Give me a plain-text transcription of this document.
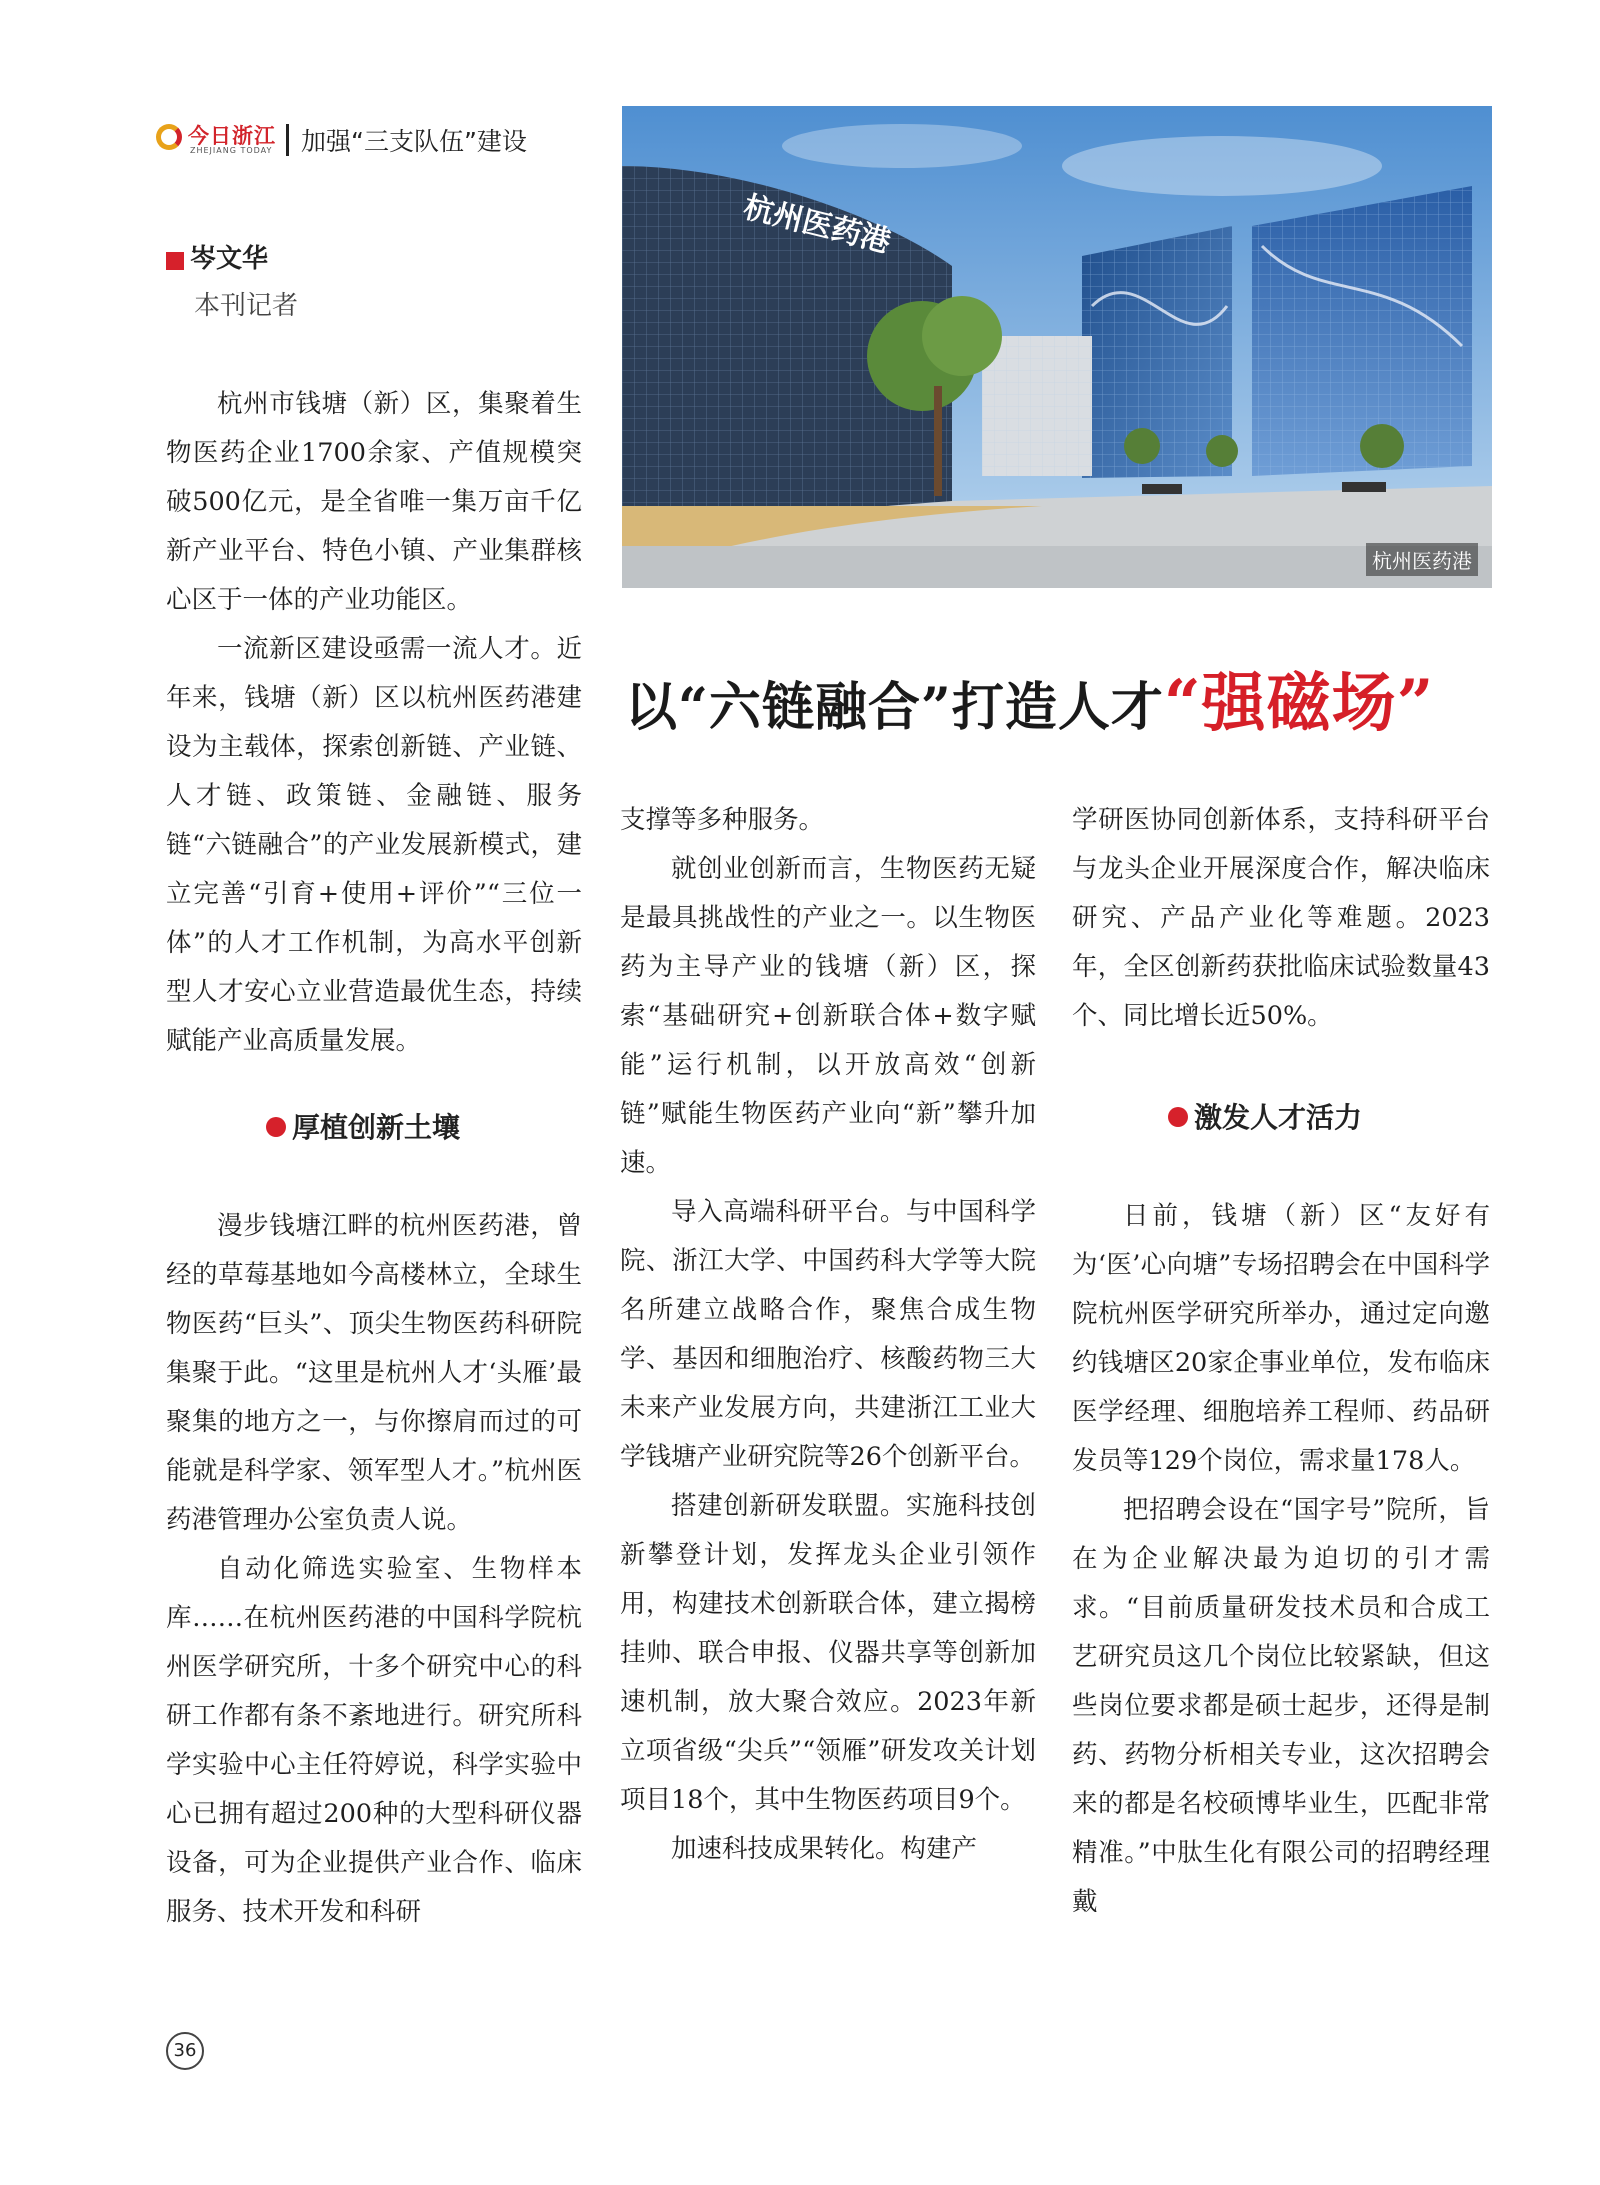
今日浙江
ZHEJIANG TODAY 加强“三支队伍”建设
岑文华
本刊记者
杭州医药港
杭州医药港
以“六链融合”打造人才“强磁场”

杭州市钱塘（新）区，集聚着生物医药企业1700余家、产值规模突破500亿元，是全省唯一集万亩千亿新产业平台、特色小镇、产业集群核心区于一体的产业功能区。

一流新区建设亟需一流人才。近年来，钱塘（新）区以杭州医药港建设为主载体，探索创新链、产业链、人才链、政策链、金融链、服务链“六链融合”的产业发展新模式，建立完善“引育+使用+评价”“三位一体”的人才工作机制，为高水平创新型人才安心立业营造最优生态，持续赋能产业高质量发展。

厚植创新土壤

漫步钱塘江畔的杭州医药港，曾经的草莓基地如今高楼林立，全球生物医药“巨头”、顶尖生物医药科研院集聚于此。“这里是杭州人才‘头雁’最聚集的地方之一，与你擦肩而过的可能就是科学家、领军型人才。”杭州医药港管理办公室负责人说。

自动化筛选实验室、生物样本库……在杭州医药港的中国科学院杭州医学研究所，十多个研究中心的科研工作都有条不紊地进行。研究所科学实验中心主任符婷说，科学实验中心已拥有超过200种的大型科研仪器设备，可为企业提供产业合作、临床服务、技术开发和科研

支撑等多种服务。

就创业创新而言，生物医药无疑是最具挑战性的产业之一。以生物医药为主导产业的钱塘（新）区，探索“基础研究+创新联合体+数字赋能”运行机制，以开放高效“创新链”赋能生物医药产业向“新”攀升加速。

导入高端科研平台。与中国科学院、浙江大学、中国药科大学等大院名所建立战略合作，聚焦合成生物学、基因和细胞治疗、核酸药物三大未来产业发展方向，共建浙江工业大学钱塘产业研究院等26个创新平台。

搭建创新研发联盟。实施科技创新攀登计划，发挥龙头企业引领作用，构建技术创新联合体，建立揭榜挂帅、联合申报、仪器共享等创新加速机制，放大聚合效应。2023年新立项省级“尖兵”“领雁”研发攻关计划项目18个，其中生物医药项目9个。

加速科技成果转化。构建产

学研医协同创新体系，支持科研平台与龙头企业开展深度合作，解决临床研究、产品产业化等难题。2023年，全区创新药获批临床试验数量43个、同比增长近50%。

激发人才活力

日前，钱塘（新）区“友好有为‘医’心向塘”专场招聘会在中国科学院杭州医学研究所举办，通过定向邀约钱塘区20家企事业单位，发布临床医学经理、细胞培养工程师、药品研发员等129个岗位，需求量178人。

把招聘会设在“国字号”院所，旨在为企业解决最为迫切的引才需求。“目前质量研发技术员和合成工艺研究员这几个岗位比较紧缺，但这些岗位要求都是硕士起步，还得是制药、药物分析相关专业，这次招聘会来的都是名校硕博毕业生，匹配非常精准。”中肽生化有限公司的招聘经理戴

36
